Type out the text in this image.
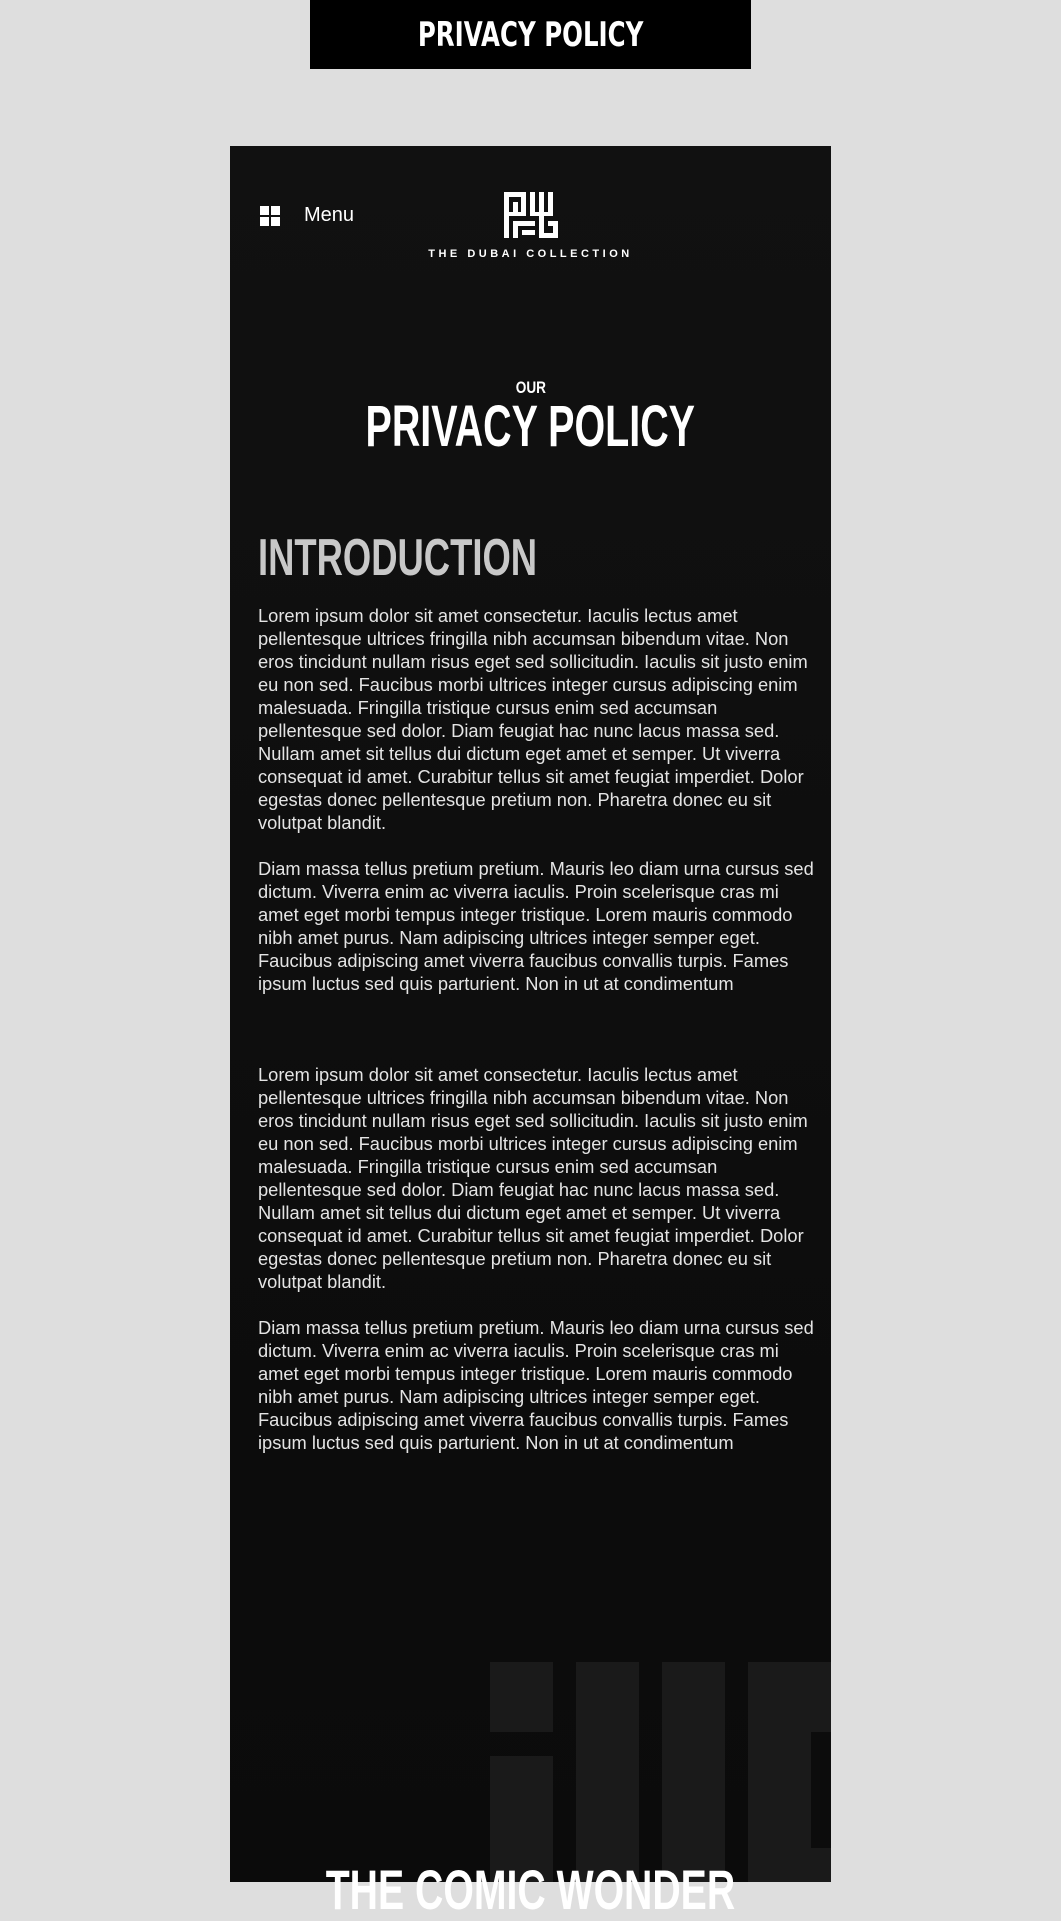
PRIVACY POLICY
Menu
THE DUBAI COLLECTION
OUR
PRIVACY POLICY
INTRODUCTION

Lorem ipsum dolor sit amet consectetur. Iaculis lectus amet pellentesque ultrices fringilla nibh accumsan bibendum vitae. Non eros tincidunt nullam risus eget sed sollicitudin. Iaculis sit justo enim eu non sed. Faucibus morbi ultrices integer cursus adipiscing enim malesuada. Fringilla tristique cursus enim sed accumsan pellentesque sed dolor. Diam feugiat hac nunc lacus massa sed. Nullam amet sit tellus dui dictum eget amet et semper. Ut viverra consequat id amet. Curabitur tellus sit amet feugiat imperdiet. Dolor egestas donec pellentesque pretium non. Pharetra donec eu sit volutpat blandit.

Diam massa tellus pretium pretium. Mauris leo diam urna cursus sed dictum. Viverra enim ac viverra iaculis. Proin scelerisque cras mi amet eget morbi tempus integer tristique. Lorem mauris commodo nibh amet purus. Nam adipiscing ultrices integer semper eget. Faucibus adipiscing amet viverra faucibus convallis turpis. Fames ipsum luctus sed quis parturient. Non in ut at condimentum

Lorem ipsum dolor sit amet consectetur. Iaculis lectus amet pellentesque ultrices fringilla nibh accumsan bibendum vitae. Non eros tincidunt nullam risus eget sed sollicitudin. Iaculis sit justo enim eu non sed. Faucibus morbi ultrices integer cursus adipiscing enim malesuada. Fringilla tristique cursus enim sed accumsan pellentesque sed dolor. Diam feugiat hac nunc lacus massa sed. Nullam amet sit tellus dui dictum eget amet et semper. Ut viverra consequat id amet. Curabitur tellus sit amet feugiat imperdiet. Dolor egestas donec pellentesque pretium non. Pharetra donec eu sit volutpat blandit.

Diam massa tellus pretium pretium. Mauris leo diam urna cursus sed dictum. Viverra enim ac viverra iaculis. Proin scelerisque cras mi amet eget morbi tempus integer tristique. Lorem mauris commodo nibh amet purus. Nam adipiscing ultrices integer semper eget. Faucibus adipiscing amet viverra faucibus convallis turpis. Fames ipsum luctus sed quis parturient. Non in ut at condimentum

THE COMIC WONDER
